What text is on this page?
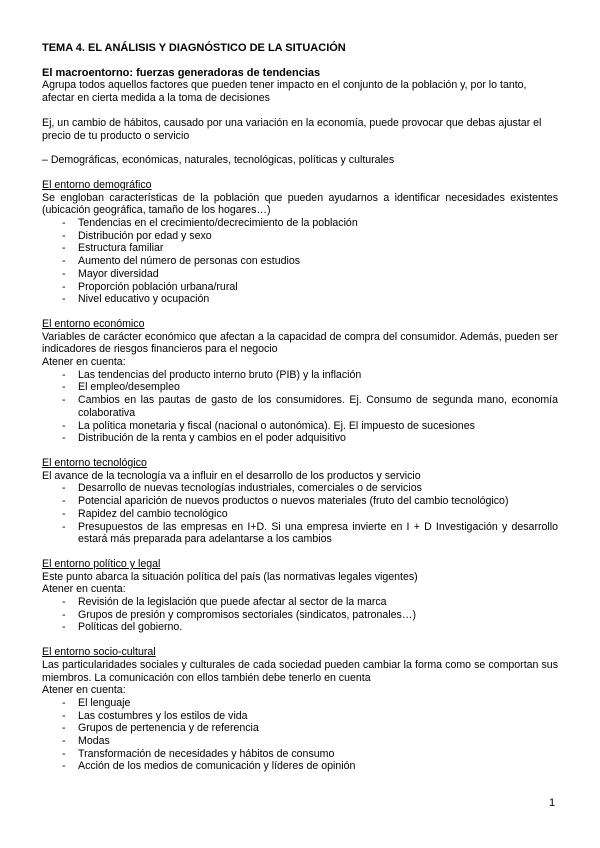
TEMA 4. EL ANÁLISIS Y DIAGNÓSTICO DE LA SITUACIÓN

El macroentorno: fuerzas generadoras de tendencias

Agrupa todos aquellos factores que pueden tener impacto en el conjunto de la población y, por lo tanto, afectar en cierta medida a la toma de decisiones

Ej, un cambio de hábitos, causado por una variación en la economía, puede provocar que debas ajustar el precio de tu producto o servicio

– Demográficas, económicas, naturales, tecnológicas, políticas y culturales

El entorno demográfico

Se engloban características de la población que pueden ayudarnos a identificar necesidades existentes (ubicación geográfica, tamaño de los hogares…)

- Tendencias en el crecimiento/decrecimiento de la población
- Distribución por edad y sexo
- Estructura familiar
- Aumento del número de personas con estudios
- Mayor diversidad
- Proporción población urbana/rural
- Nivel educativo y ocupación

El entorno económico

Variables de carácter económico que afectan a la capacidad de compra del consumidor. Además, pueden ser indicadores de riesgos financieros para el negocio

Atener en cuenta:

- Las tendencias del producto interno bruto (PIB) y la inflación
- El empleo/desempleo
- Cambios en las pautas de gasto de los consumidores. Ej. Consumo de segunda mano, economía colaborativa
- La política monetaria y fiscal (nacional o autonómica). Ej. El impuesto de sucesiones
- Distribución de la renta y cambios en el poder adquisitivo

El entorno tecnológico

El avance de la tecnología va a influir en el desarrollo de los productos y servicio

- Desarrollo de nuevas tecnologías industriales, comerciales o de servicios
- Potencial aparición de nuevos productos o nuevos materiales (fruto del cambio tecnológico)
- Rapidez del cambio tecnológico
- Presupuestos de las empresas en I+D. Si una empresa invierte en I + D Investigación y desarrollo estará más preparada para adelantarse a los cambios

El entorno político y legal

Este punto abarca la situación política del país (las normativas legales vigentes)

Atener en cuenta:

- Revisión de la legislación que puede afectar al sector de la marca
- Grupos de presión y compromisos sectoriales (sindicatos, patronales…)
- Políticas del gobierno.

El entorno socio-cultural

Las particularidades sociales y culturales de cada sociedad pueden cambiar la forma como se comportan sus miembros. La comunicación con ellos también debe tenerlo en cuenta

Atener en cuenta:

- El lenguaje
- Las costumbres y los estilos de vida
- Grupos de pertenencia y de referencia
- Modas
- Transformación de necesidades y hábitos de consumo
- Acción de los medios de comunicación y líderes de opinión
1
